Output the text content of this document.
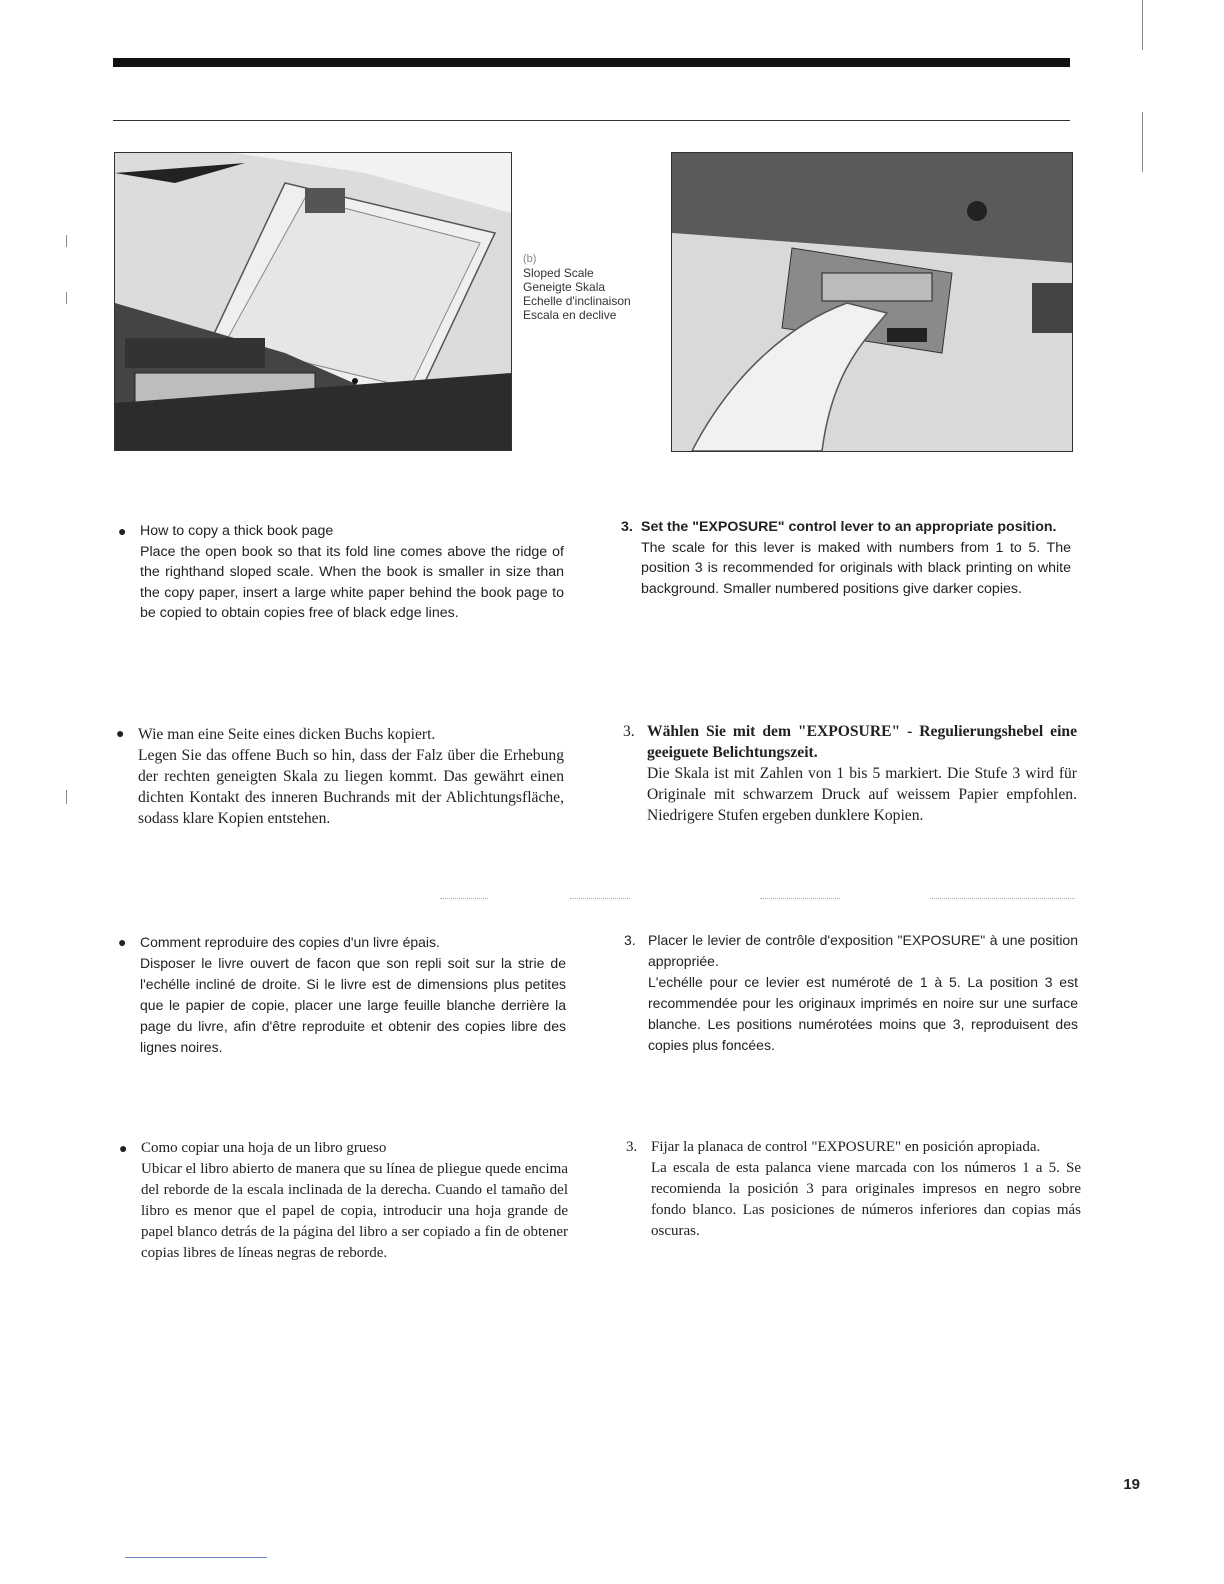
(b)
Sloped Scale
Geneigte Skala
Echelle d'inclinaison
Escala en declive
● How to copy a thick book page

Place the open book so that its fold line comes above the ridge of the righthand sloped scale. When the book is smaller in size than the copy paper, insert a large white paper behind the book page to be copied to obtain copies free of black edge lines.

3. Set the "EXPOSURE" control lever to an appropriate position.

The scale for this lever is maked with numbers from 1 to 5. The position 3 is recommended for originals with black printing on white background. Smaller numbered positions give darker copies.

● Wie man eine Seite eines dicken Buchs kopiert.

Legen Sie das offene Buch so hin, dass der Falz über die Erhebung der rechten geneigten Skala zu liegen kommt. Das gewährt einen dichten Kontakt des inneren Buchrands mit der Ablichtungsfläche, sodass klare Kopien entstehen.

3. Wählen Sie mit dem "EXPOSURE" - Regulierungshebel eine geeiguete Belichtungszeit.

Die Skala ist mit Zahlen von 1 bis 5 markiert. Die Stufe 3 wird für Originale mit schwarzem Druck auf weissem Papier empfohlen. Niedrigere Stufen ergeben dunklere Kopien.

● Comment reproduire des copies d'un livre épais.

Disposer le livre ouvert de facon que son repli soit sur la strie de l'echélle incliné de droite. Si le livre est de dimensions plus petites que le papier de copie, placer une large feuille blanche derrière la page du livre, afin d'être reproduite et obtenir des copies libre des lignes noires.

3. Placer le levier de contrôle d'exposition "EXPOSURE" à une position appropriée.

L'echélle pour ce levier est numéroté de 1 à 5. La position 3 est recommendée pour les originaux imprimés en noire sur une surface blanche. Les positions numérotées moins que 3, reproduisent des copies plus foncées.

● Como copiar una hoja de un libro grueso

Ubicar el libro abierto de manera que su línea de pliegue quede encima del reborde de la escala inclinada de la derecha. Cuando el tamaño del libro es menor que el papel de copia, introducir una hoja grande de papel blanco detrás de la página del libro a ser copiado a fin de obtener copias libres de líneas negras de reborde.

3. Fijar la planaca de control "EXPOSURE" en posición apropiada.

La escala de esta palanca viene marcada con los números 1 a 5. Se recomienda la posición 3 para originales impresos en negro sobre fondo blanco. Las posiciones de números inferiores dan copias más oscuras.

19
